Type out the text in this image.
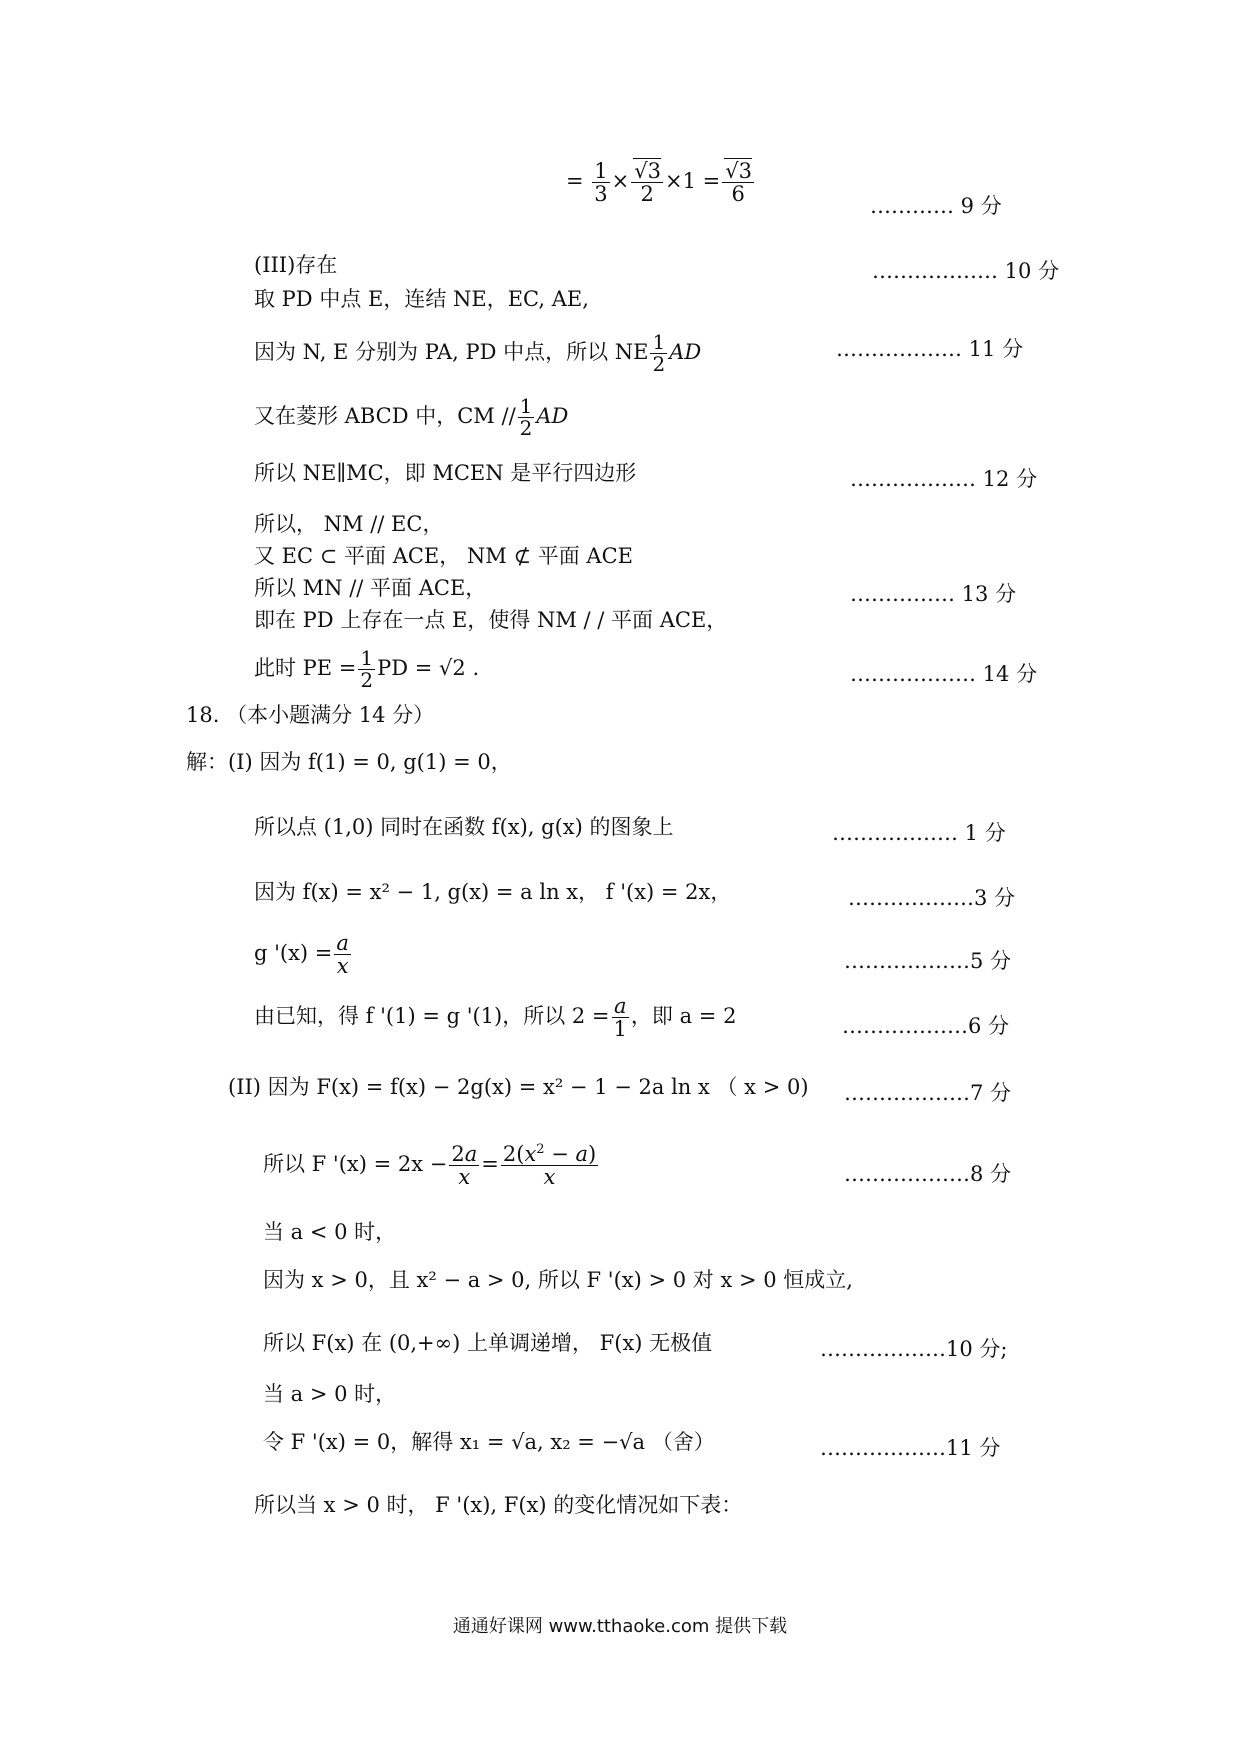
= $\frac{1}{3} \times \frac{√3}{2} \times 1 = \frac{√3}{6}$
………… 9 分
(III)存在	……………… 10 分
取 PD 中点 E，连结 NE，EC, AE,
因为 N, E 分别为 PA, PD 中点，所以 NE $\frac{1}{2}$ AD	……………… 11 分
又在菱形 ABCD 中，CM // $\frac{1}{2}$ AD
所以 NE∥MC，即 MCEN 是平行四边形	……………… 12 分
所以， NM // EC，
又 EC ⊂ 平面 ACE， NM ⊄ 平面 ACE
所以 MN // 平面 ACE，	…………… 13 分
即在 PD 上存在一点 E，使得 NM / / 平面 ACE，
此时 PE = $\frac{1}{2}$ PD = √2 .	……………… 14 分
18. （本小题满分 14 分）
解：(I) 因为 f(1) = 0, g(1) = 0，
所以点 (1,0) 同时在函数 f(x), g(x) 的图象上	……………… 1 分
因为 f(x) = x² − 1, g(x) = a ln x， f '(x) = 2x，	………………3 分
g '$(x) = \frac{a}{x}$	………………5 分
由已知，得 f '(1) = g '(1)，所以 $2 = \frac{a}{1}$ ，即 a = 2	………………6 分
(II) 因为 F(x) = f(x) − 2g(x) = x² − 1 − 2a ln x （ x > 0) ………………7 分
所以 F '$(x) = 2x - \frac{2a}{x} = \frac{2(x^2 - a)}{x}$	………………8 分
当 a < 0 时，
因为 x > 0，且 x² − a > 0, 所以 F '(x) > 0 对 x > 0 恒成立,
所以 F(x) 在 (0,+∞) 上单调递增， F(x) 无极值	………………10 分;
当 a > 0 时，
令 F '(x) = 0，解得 x₁ = √a, x₂ = −√a （舍）	………………11 分
所以当 x > 0 时， F '(x), F(x) 的变化情况如下表：
通通好课网 www.tthaoke.com 提供下载
